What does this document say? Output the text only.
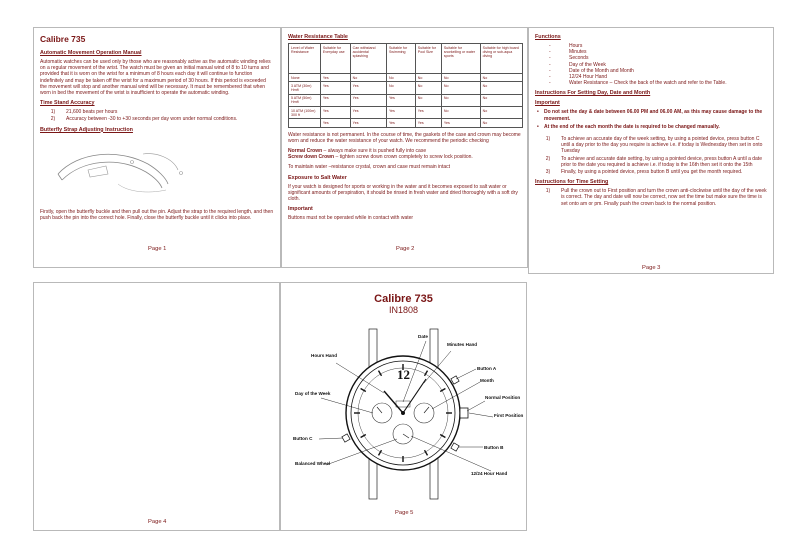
Calibre 735
Automatic Movement Operation Manual
Automatic watches can be used only by those who are reasonably active as the automatic winding relies on a regular movement of the wrist. The watch must be given an initial manual wind of 8 to 10 turns and provided that it is worn on the wrist for a minimum of 8 hours each day it will continue to function indefinitely and may be taken off the wrist for a maximum period of 30 hours. If this period is exceeded the movement will stop and another manual wind will be necessary. It must be remembered that when worn in bed the movement of the wrist is insufficient to operate the automatic winding.
Time Stand Accuracy
1)	21,600 beats per hours
2)	Accuracy between -30 to +30 seconds per day worn under normal conditions.
Butterfly Strap Adjusting Instruction
Firstly, open the butterfly buckle and then pull out the pin. Adjust the strap to the required length, and then push back the pin into the correct hole. Finally, close the butterfly buckle until it clicks into place.
Page 1
Water Resistance Table
Level of Water Resistance	Suitable for Everyday use	Can withstand accidental splashing	Suitable for Swimming	Suitable for Pool Size	Suitable for snorkelling or water sports	Suitable for high board diving or sub-aqua diving
None	Yes	No	No	No	No	No
3 ATM (30m) Hmft	Yes	Yes	No	No	No	No
5 ATM (50m) Hmft	Yes	Yes	Yes	No	No	No
10 ATM (100m) 300 ft	Yes	Yes	Yes	Yes	No	No
	Yes	Yes	Yes	Yes	Yes	No
Water resistance is not permanent. In the course of time, the gaskets of the case and crown may become worn and reduce the water resistance of your watch. We recommend the periodic checking
Normal Crown – always make sure it is pushed fully into case
Screw down Crown – tighten screw down crown completely to screw lock position.
To maintain water –resistance crystal, crown and case must remain intact
Exposure to Salt Water
If your watch is designed for sports or working in the water and it becomes exposed to salt water or significant amounts of perspiration, it should be rinsed in fresh water and dried thoroughly with a soft dry cloth.
Important
Buttons must not be operated while in contact with water
Page 2
Functions
-	Hours
-	Minutes
-	Seconds
-	Day of the Week
-	Date of the Month and Month
-	12/24 Hour Hand
-	Water Resistance – Check the back of the watch and refer to the Table.
Instructions For Setting Day, Date and Month
Important
•	Do not set the day & date between 06.00 PM and 06.00 AM, as this may cause damage to the movement.
•	At the end of the each month the date is required to be changed manually.
1)	To achieve an accurate day of the week setting, by using a pointed device, press button C until a day prior to the day you require is achieve i.e. if today is Wednesday then set in onto Tuesday
2)	To achieve and accurate date setting, by using a pointed device, press button A until a date prior to the date you required is achieve i.e. if today is the 16th then set it onto the 15th
3)	Finally, by using a pointed device, press button B until you get the month required.
Instructions for Time Setting
1)	Pull the crown out to First position and turn the crown anti-clockwise until the day of the week is correct. The day and date will now be correct, now set the time but make sure the time is set onto am or pm. Finally push the crown back to the normal position.
Page 3
Page 4
Calibre 735
IN1808
12
Date
Minutes Hand
Hours Hand
Button A
Month
Normal Position
First Position
Day of the Week
Button C
Button B
Balanced Wheel
12/24 Hour Hand
Page 5
